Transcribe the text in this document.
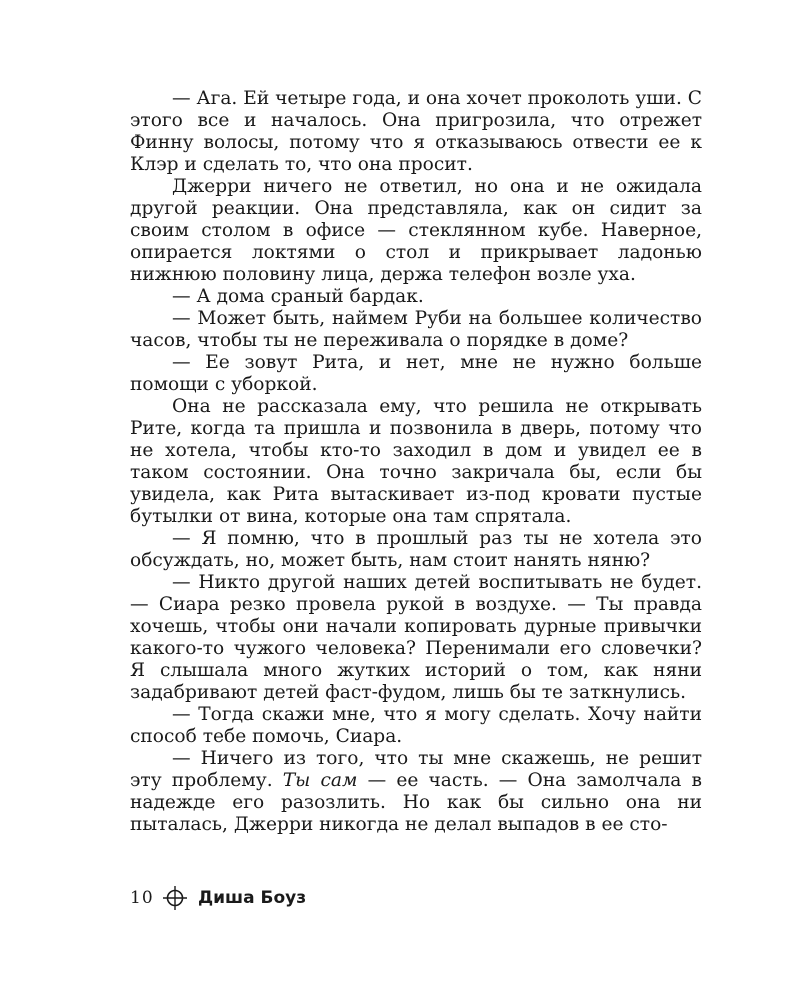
— Ага. Ей четыре года, и она хочет проколоть уши. С этого все и началось. Она пригрозила, что отрежет Финну волосы, потому что я отказываюсь отвести ее к Клэр и сделать то, что она просит.

Джерри ничего не ответил, но она и не ожидала другой реакции. Она представляла, как он сидит за своим столом в офисе — стеклянном кубе. Наверное, опирается локтями о стол и прикрывает ладонью нижнюю половину лица, держа телефон возле уха.

— А дома сраный бардак.

— Может быть, наймем Руби на большее количество часов, чтобы ты не переживала о порядке в доме?

— Ее зовут Рита, и нет, мне не нужно больше помощи с уборкой.

Она не рассказала ему, что решила не открывать Рите, когда та пришла и позвонила в дверь, потому что не хотела, чтобы кто-то заходил в дом и увидел ее в таком состоянии. Она точно закричала бы, если бы увидела, как Рита вытаскивает из-под кровати пустые бутылки от вина, которые она там спрятала.

— Я помню, что в прошлый раз ты не хотела это обсуждать, но, может быть, нам стоит нанять няню?

— Никто другой наших детей воспитывать не будет. — Сиара резко провела рукой в воздухе. — Ты правда хочешь, чтобы они начали копировать дурные привычки какого-то чужого человека? Перенимали его словечки? Я слышала много жутких историй о том, как няни задабривают детей фаст-фудом, лишь бы те заткнулись.

— Тогда скажи мне, что я могу сделать. Хочу найти способ тебе помочь, Сиара.

— Ничего из того, что ты мне скажешь, не решит эту проблему. Ты сам — ее часть. — Она замолчала в надежде его разозлить. Но как бы сильно она ни пыталась, Джерри никогда не делал выпадов в ее сто-

10	Диша Боуз
